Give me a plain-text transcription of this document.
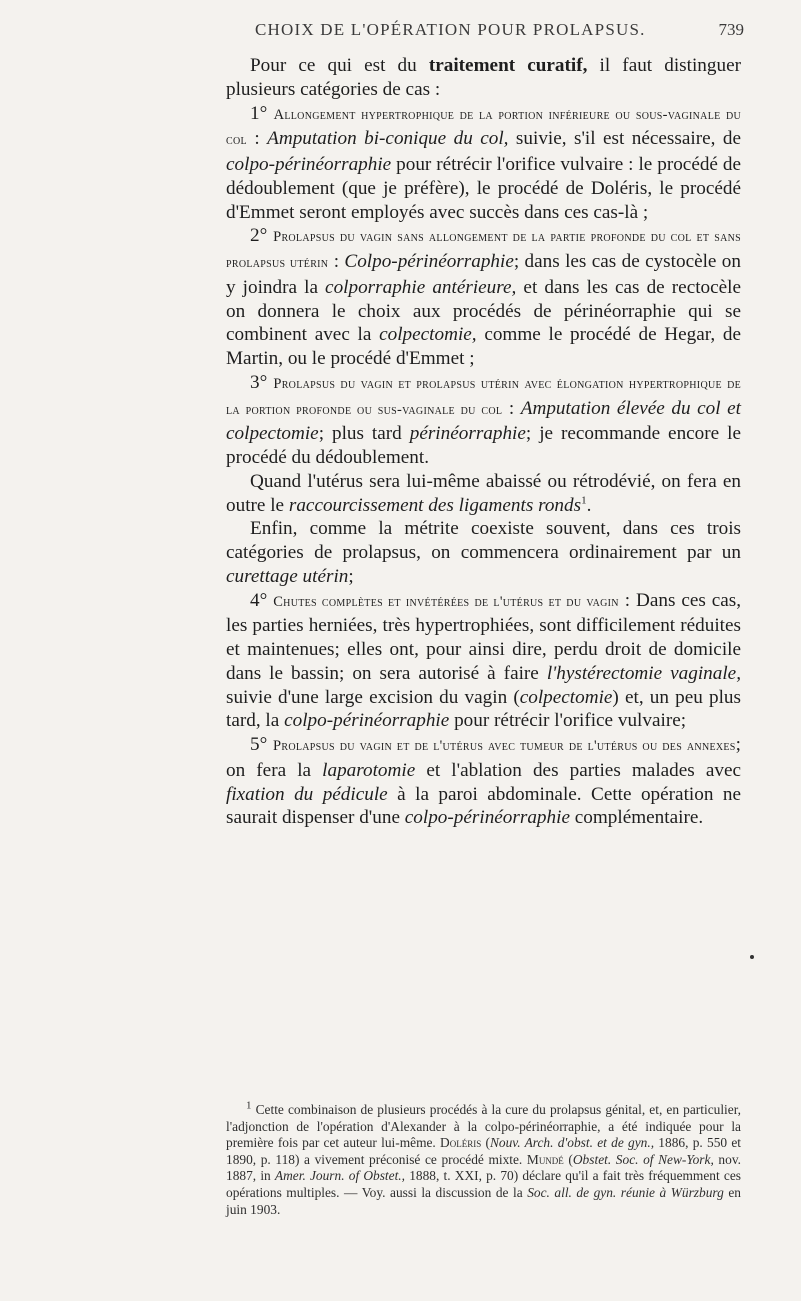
CHOIX DE L'OPÉRATION POUR PROLAPSUS.	739

Pour ce qui est du traitement curatif, il faut distinguer plusieurs catégories de cas :

1° Allongement hypertrophique de la portion inférieure ou sous-vaginale du col : Amputation bi-conique du col, suivie, s'il est nécessaire, de colpo-périnéorraphie pour rétrécir l'orifice vulvaire : le procédé de dédoublement (que je préfère), le procédé de Doléris, le procédé d'Emmet seront employés avec succès dans ces cas-là ;

2° Prolapsus du vagin sans allongement de la partie profonde du col et sans prolapsus utérin : Colpo-périnéorraphie; dans les cas de cystocèle on y joindra la colporraphie antérieure, et dans les cas de rectocèle on donnera le choix aux procédés de périnéorraphie qui se combinent avec la colpectomie, comme le procédé de Hegar, de Martin, ou le procédé d'Emmet ;

3° Prolapsus du vagin et prolapsus utérin avec élongation hypertrophique de la portion profonde ou sus-vaginale du col : Amputation élevée du col et colpectomie; plus tard périnéorraphie; je recommande encore le procédé du dédoublement.

Quand l'utérus sera lui-même abaissé ou rétrodévié, on fera en outre le raccourcissement des ligaments ronds$^1$.

Enfin, comme la métrite coexiste souvent, dans ces trois catégories de prolapsus, on commencera ordinairement par un curettage utérin;

4° Chutes complètes et invétérées de l'utérus et du vagin : Dans ces cas, les parties herniées, très hypertrophiées, sont difficilement réduites et maintenues; elles ont, pour ainsi dire, perdu droit de domicile dans le bassin; on sera autorisé à faire l'hystérectomie vaginale, suivie d'une large excision du vagin (colpectomie) et, un peu plus tard, la colpo-périnéorraphie pour rétrécir l'orifice vulvaire;

5° Prolapsus du vagin et de l'utérus avec tumeur de l'utérus ou des annexes; on fera la laparotomie et l'ablation des parties malades avec fixation du pédicule à la paroi abdominale. Cette opération ne saurait dispenser d'une colpo-périnéorraphie complémentaire.

$^1$ Cette combinaison de plusieurs procédés à la cure du prolapsus génital, et, en particulier, l'adjonction de l'opération d'Alexander à la colpo-périnéorraphie, a été indiquée pour la première fois par cet auteur lui-même. Doléris (Nouv. Arch. d'obst. et de gyn., 1886, p. 550 et 1890, p. 118) a vivement préconisé ce procédé mixte. Mundé (Obstet. Soc. of New-York, nov. 1887, in Amer. Journ. of Obstet., 1888, t. XXI, p. 70) déclare qu'il a fait très fréquemment ces opérations multiples. — Voy. aussi la discussion de la Soc. all. de gyn. réunie à Würzburg en juin 1903.
